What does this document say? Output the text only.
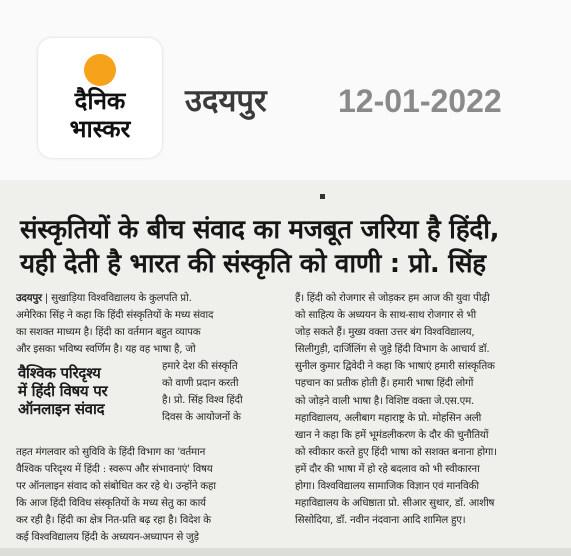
दैनिक
भास्कर
उदयपुर 12-01-2022
संस्कृतियों के बीच संवाद का मजबूत जरिया है हिंदी,
यही देती है भारत की संस्कृति को वाणी : प्रो. सिंह
उदयपुर | सुखाड़िया विश्वविद्यालय के कुलपति प्रो.
अमेरिका सिंह ने कहा कि हिंदी संस्कृतियों के मध्य संवाद
का सशक्त माध्यम है। हिंदी का वर्तमान बहुत व्यापक
और इसका भविष्य स्वर्णिम है। यह वह भाषा है, जो
वैश्विक परिदृश्य
में हिंदी विषय पर
ऑनलाइन संवाद
हमारे देश की संस्कृति
को वाणी प्रदान करती
है। प्रो. सिंह विश्व हिंदी
दिवस के आयोजनों के
तहत मंगलवार को सुविवि के हिंदी विभाग का 'वर्तमान
वैश्विक परिदृश्य में हिंदी : स्वरूप और संभावनाएं' विषय
पर ऑनलाइन संवाद को संबोधित कर रहे थे। उन्होंने कहा
कि आज हिंदी विविध संस्कृतियों के मध्य सेतु का कार्य
कर रही है। हिंदी का क्षेत्र नित-प्रति बढ़ रहा है। विदेश के
कई विश्वविद्यालय हिंदी के अध्ययन-अध्यापन से जुड़े
हैं। हिंदी को रोजगार से जोड़कर हम आज की युवा पीढ़ी
को साहित्य के अध्ययन के साथ-साथ रोजगार से भी
जोड़ सकते हैं। मुख्य वक्ता उत्तर बंग विश्वविद्यालय,
सिलीगुड़ी, दार्जिलिंग से जुड़े हिंदी विभाग के आचार्य डॉ.
सुनील कुमार द्विवेदी ने कहा कि भाषाएं हमारी सांस्कृतिक
पहचान का प्रतीक होती हैं। हमारी भाषा हिंदी लोगों
को जोड़ने वाली भाषा है। विशिष्ट वक्ता जे.एस.एम.
महाविद्यालय, अलीबाग महाराष्ट्र के प्रो. मोहसिन अली
खान ने कहा कि हमें भूमंडलीकरण के दौर की चुनौतियों
को स्वीकार करते हुए हिंदी भाषा को सशक्त बनाना होगा।
हमें दौर की भाषा में हो रहे बदलाव को भी स्वीकारना
होगा। विश्वविद्यालय सामाजिक विज्ञान एवं मानविकी
महाविद्यालय के अधिष्ठाता प्रो. सीआर सुथार, डॉ. आशीष
सिसोदिया, डॉ. नवीन नंदवाना आदि शामिल हुए।
